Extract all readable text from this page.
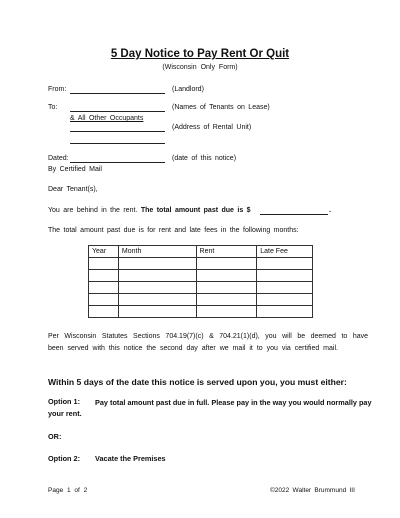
5 Day Notice to Pay Rent Or Quit
(Wisconsin Only Form)
From:	(Landlord)
To:	(Names of Tenants on Lease)
& All Other Occupants
(Address of Rental Unit)
Dated:	(date of this notice)
By Certified Mail
Dear Tenant(s),
You are behind in the rent. The total amount past due is $	.
The total amount past due is for rent and late fees in the following months:
Year	Month	Rent	Late Fee

Per Wisconsin Statutes Sections 704.19(7)(c) & 704.21(1)(d), you will be deemed to have been served with this notice the second day after we mail it to you via certified mail.
Within 5 days of the date this notice is served upon you, you must either:
Option 1:	Pay total amount past due in full. Please pay in the way you would normally pay your rent.
OR:
Option 2: Vacate the Premises
Page 1 of 2	©2022 Walter Brummund III
